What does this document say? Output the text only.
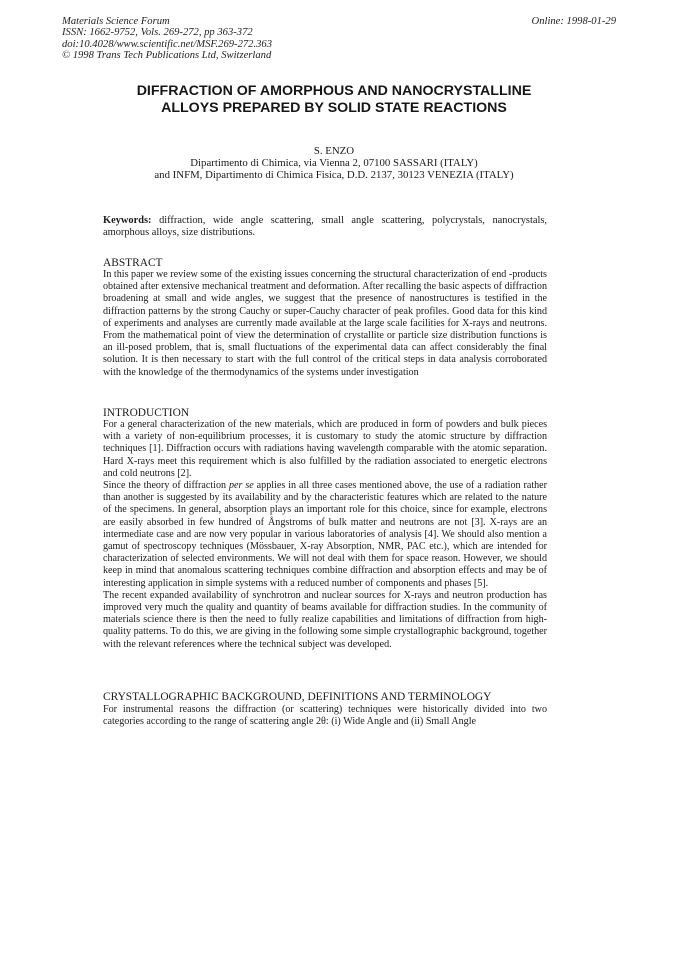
Materials Science Forum
ISSN: 1662-9752, Vols. 269-272, pp 363-372
doi:10.4028/www.scientific.net/MSF.269-272.363
© 1998 Trans Tech Publications Ltd, Switzerland
Online: 1998-01-29
DIFFRACTION OF AMORPHOUS AND NANOCRYSTALLINE
ALLOYS PREPARED BY SOLID STATE REACTIONS
S. ENZO
Dipartimento di Chimica, via Vienna 2, 07100 SASSARI (ITALY)
and INFM, Dipartimento di Chimica Fisica, D.D. 2137, 30123 VENEZIA (ITALY)
Keywords: diffraction, wide angle scattering, small angle scattering, polycrystals, nanocrystals, amorphous alloys, size distributions.
ABSTRACT
In this paper we review some of the existing issues concerning the structural characterization of end -products obtained after extensive mechanical treatment and deformation. After recalling the basic aspects of diffraction broadening at small and wide angles, we suggest that the presence of nanostructures is testified in the diffraction patterns by the strong Cauchy or super-Cauchy character of peak profiles. Good data for this kind of experiments and analyses are currently made available at the large scale facilities for X-rays and neutrons. From the mathematical point of view the determination of crystallite or particle size distribution functions is an ill-posed problem, that is, small fluctuations of the experimental data can affect considerably the final solution. It is then necessary to start with the full control of the critical steps in data analysis corroborated with the knowledge of the thermodynamics of the systems under investigation
INTRODUCTION

For a general characterization of the new materials, which are produced in form of powders and bulk pieces with a variety of non-equilibrium processes, it is customary to study the atomic structure by diffraction techniques [1]. Diffraction occurs with radiations having wavelength comparable with the atomic separation. Hard X-rays meet this requirement which is also fulfilled by the radiation associated to energetic electrons and cold neutrons [2].

Since the theory of diffraction per se applies in all three cases mentioned above, the use of a radiation rather than another is suggested by its availability and by the characteristic features which are related to the nature of the specimens. In general, absorption plays an important role for this choice, since for example, electrons are easily absorbed in few hundred of Ångstroms of bulk matter and neutrons are not [3]. X-rays are an intermediate case and are now very popular in various laboratories of analysis [4]. We should also mention a gamut of spectroscopy techniques (Mössbauer, X-ray Absorption, NMR, PAC etc.), which are intended for characterization of selected environments. We will not deal with them for space reason. However, we should keep in mind that anomalous scattering techniques combine diffraction and absorption effects and may be of interesting application in simple systems with a reduced number of components and phases [5].

The recent expanded availability of synchrotron and nuclear sources for X-rays and neutron production has improved very much the quality and quantity of beams available for diffraction studies. In the community of materials science there is then the need to fully realize capabilities and limitations of diffraction from high-quality patterns. To do this, we are giving in the following some simple crystallographic background, together with the relevant references where the technical subject was developed.

CRYSTALLOGRAPHIC BACKGROUND, DEFINITIONS AND TERMINOLOGY
For instrumental reasons the diffraction (or scattering) techniques were historically divided into two categories according to the range of scattering angle 2θ: (i) Wide Angle and (ii) Small Angle
